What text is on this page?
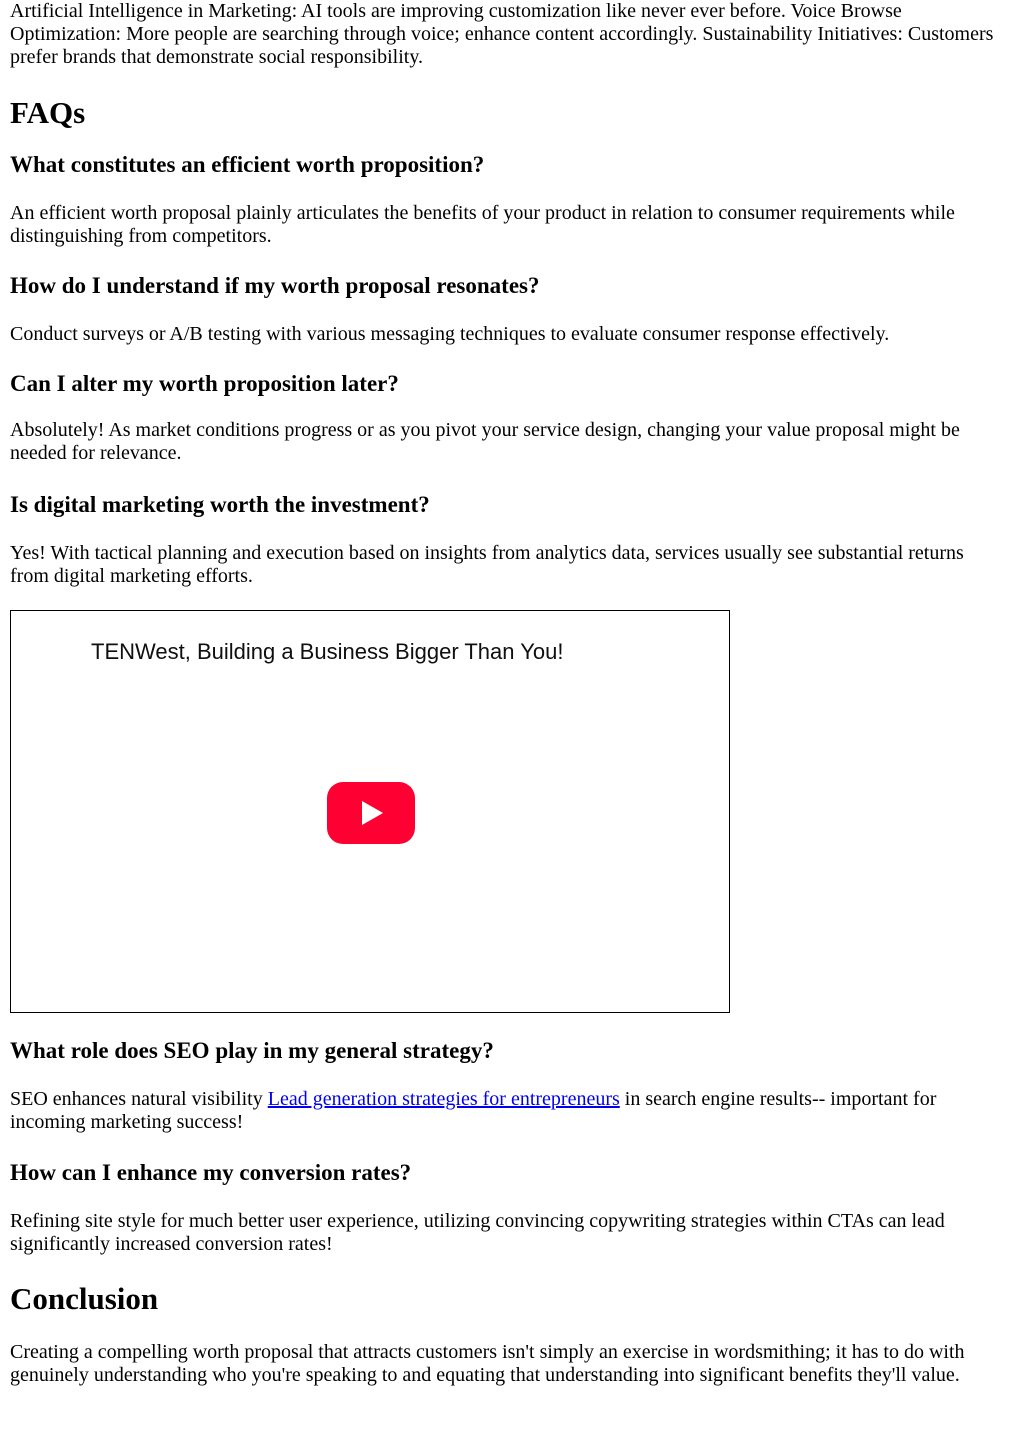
Artificial Intelligence in Marketing: AI tools are improving customization like never ever before. Voice Browse Optimization: More people are searching through voice; enhance content accordingly. Sustainability Initiatives: Customers prefer brands that demonstrate social responsibility.

FAQs
What constitutes an efficient worth proposition?

An efficient worth proposal plainly articulates the benefits of your product in relation to consumer requirements while distinguishing from competitors.

How do I understand if my worth proposal resonates?

Conduct surveys or A/B testing with various messaging techniques to evaluate consumer response effectively.

Can I alter my worth proposition later?

Absolutely! As market conditions progress or as you pivot your service design, changing your value proposal might be needed for relevance.

Is digital marketing worth the investment?

Yes! With tactical planning and execution based on insights from analytics data, services usually see substantial returns from digital marketing efforts.

TENWest, Building a Business Bigger Than You!
What role does SEO play in my general strategy?

SEO enhances natural visibility Lead generation strategies for entrepreneurs in search engine results-- important for incoming marketing success!

How can I enhance my conversion rates?

Refining site style for much better user experience, utilizing convincing copywriting strategies within CTAs can lead significantly increased conversion rates!

Conclusion

Creating a compelling worth proposal that attracts customers isn't simply an exercise in wordsmithing; it has to do with genuinely understanding who you're speaking to and equating that understanding into significant benefits they'll value.
